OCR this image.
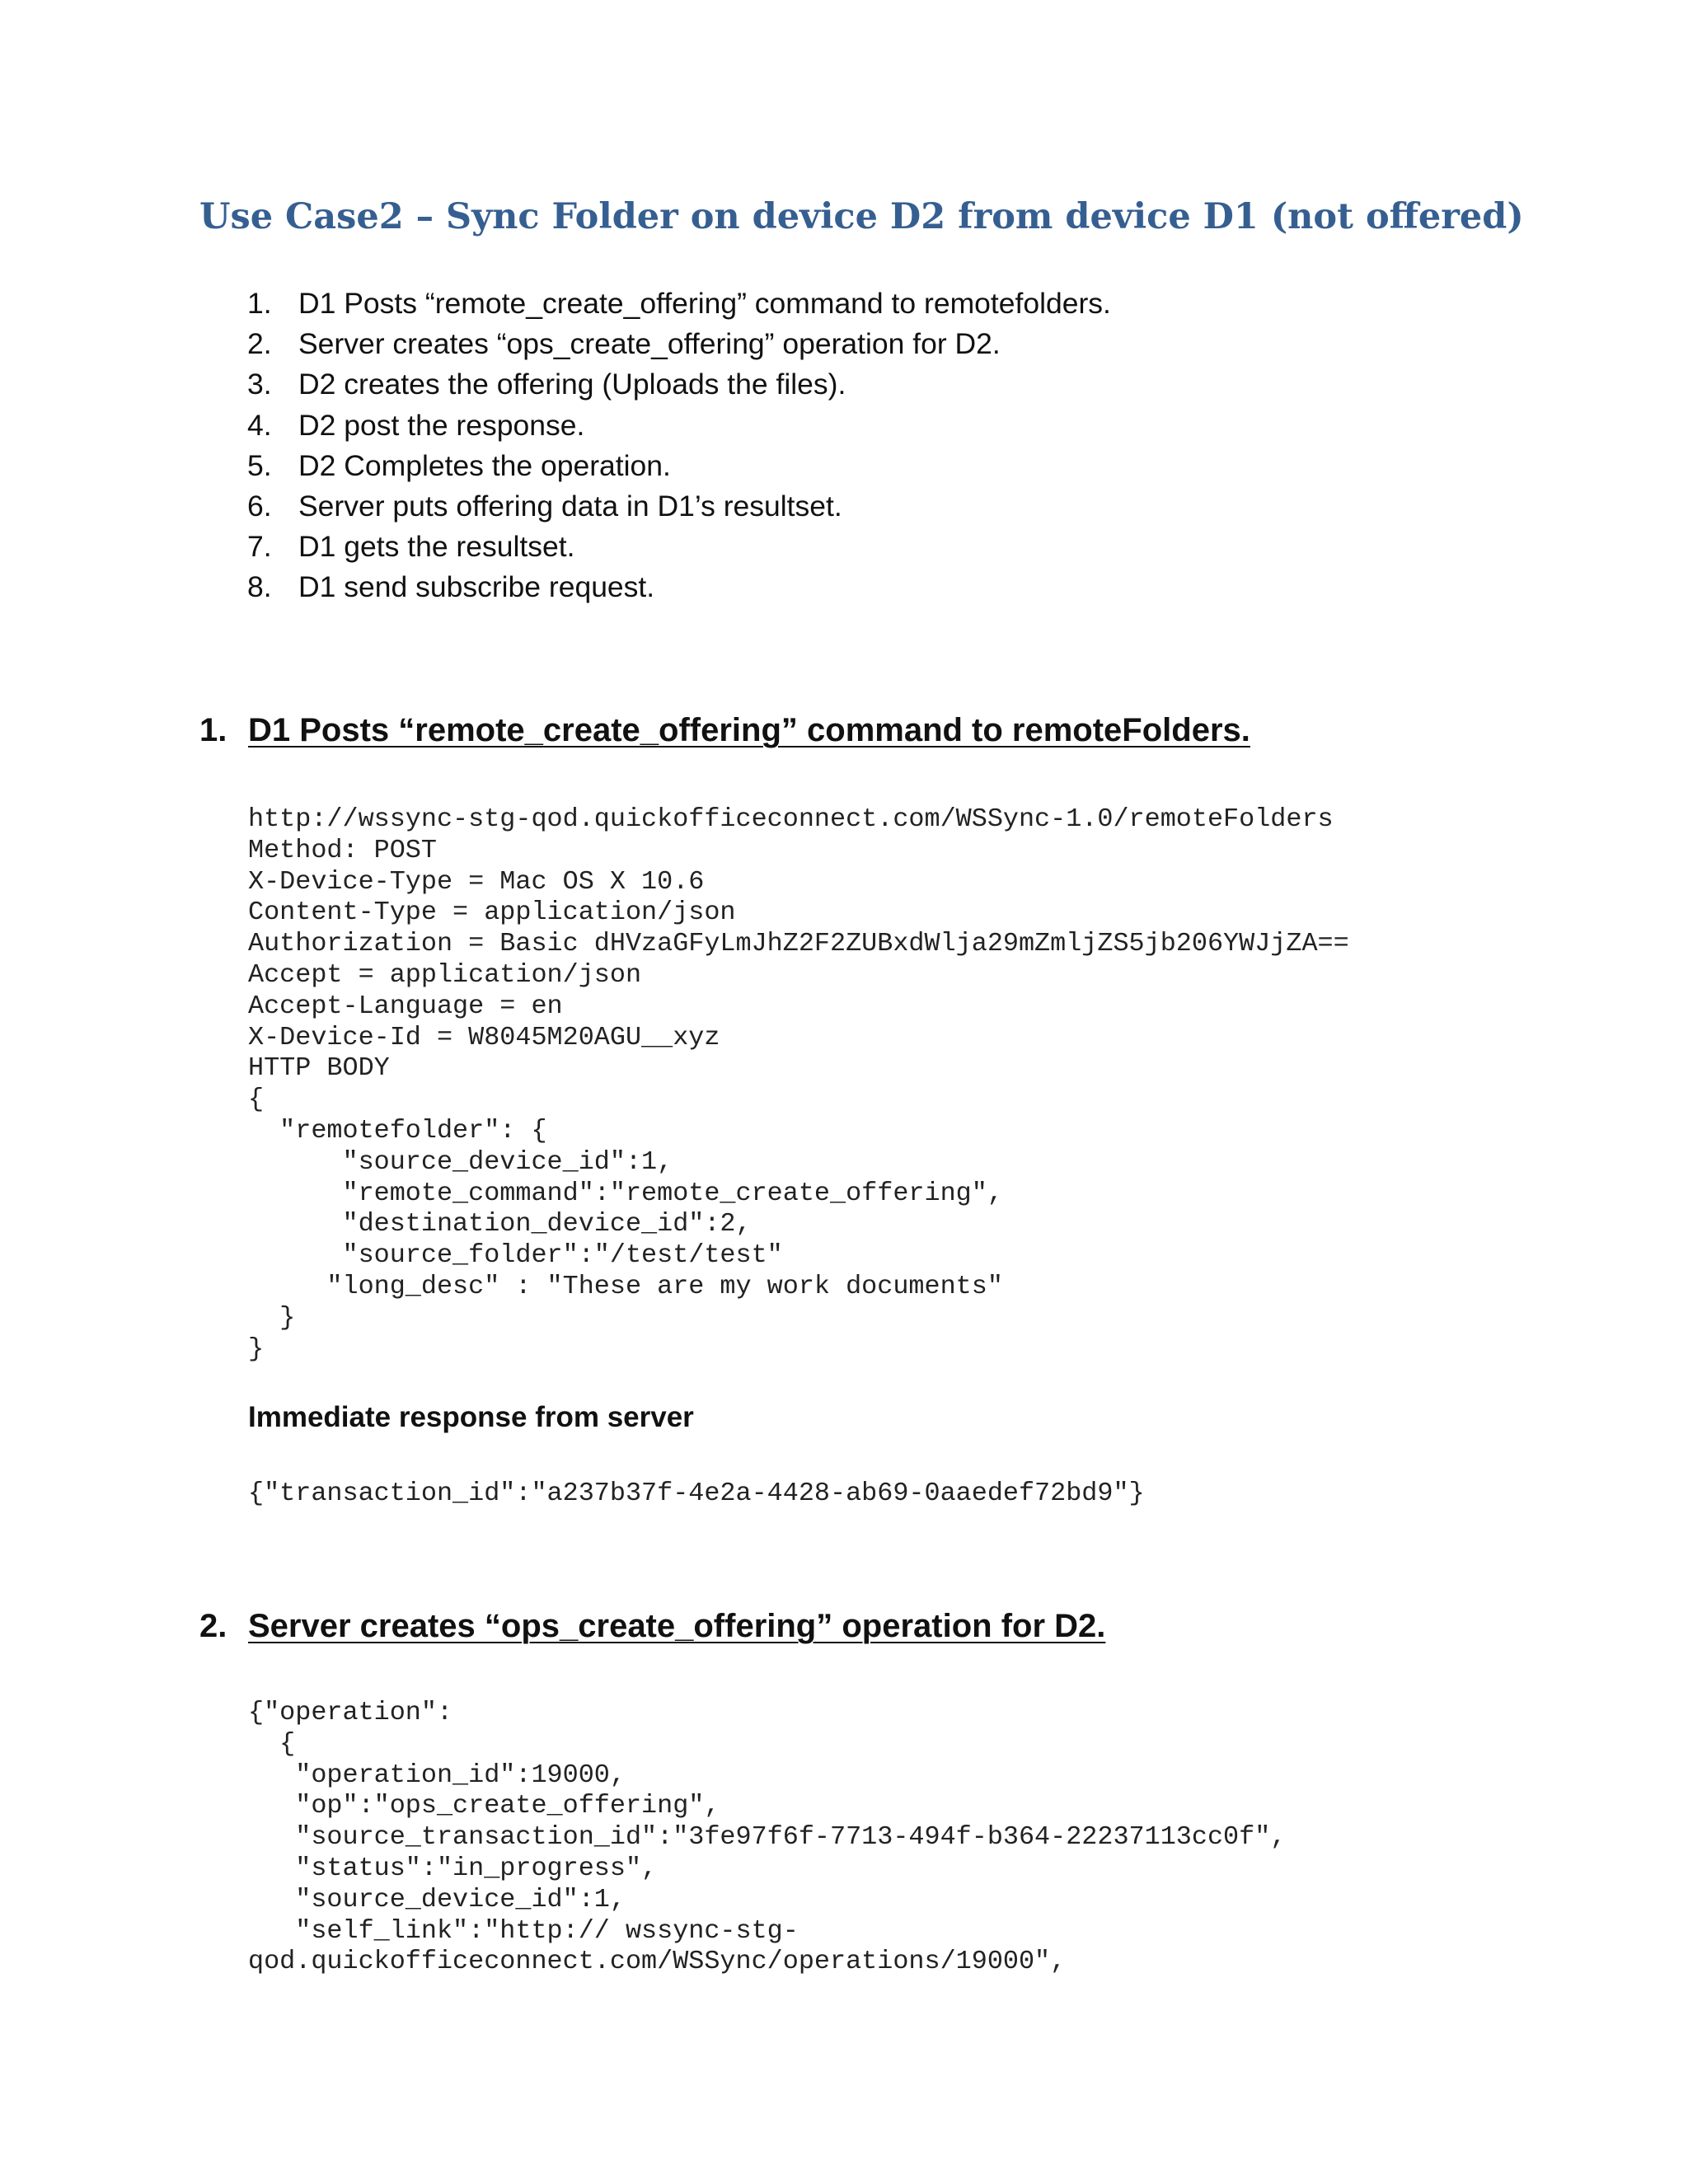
Use Case2 – Sync Folder on device D2 from device D1 (not offered)
1. D1 Posts “remote_create_offering” command to remotefolders.
2. Server creates “ops_create_offering” operation for D2.
3. D2 creates the offering (Uploads the files).
4. D2 post the response.
5. D2 Completes the operation.
6. Server puts offering data in D1’s resultset.
7. D1 gets the resultset.
8. D1 send subscribe request.
1. D1 Posts “remote_create_offering” command to remoteFolders.
http://wssync-stg-qod.quickofficeconnect.com/WSSync-1.0/remoteFolders
Method: POST
X-Device-Type = Mac OS X 10.6
Content-Type = application/json
Authorization = Basic dHVzaGFyLmJhZ2F2ZUBxdWlja29mZmljZS5jb206YWJjZA==
Accept = application/json
Accept-Language = en
X-Device-Id = W8045M20AGU__xyz
HTTP BODY
{
"remotefolder": {
"source_device_id":1,
"remote_command":"remote_create_offering",
"destination_device_id":2,
"source_folder":"/test/test"
"long_desc" : "These are my work documents"
}
}

Immediate response from server

{"transaction_id":"a237b37f-4e2a-4428-ab69-0aaedef72bd9"}
2. Server creates “ops_create_offering” operation for D2.
{"operation":
{
"operation_id":19000,
"op":"ops_create_offering",
"source_transaction_id":"3fe97f6f-7713-494f-b364-22237113cc0f",
"status":"in_progress",
"source_device_id":1,
"self_link":"http:// wssync-stg-
qod.quickofficeconnect.com/WSSync/operations/19000",
